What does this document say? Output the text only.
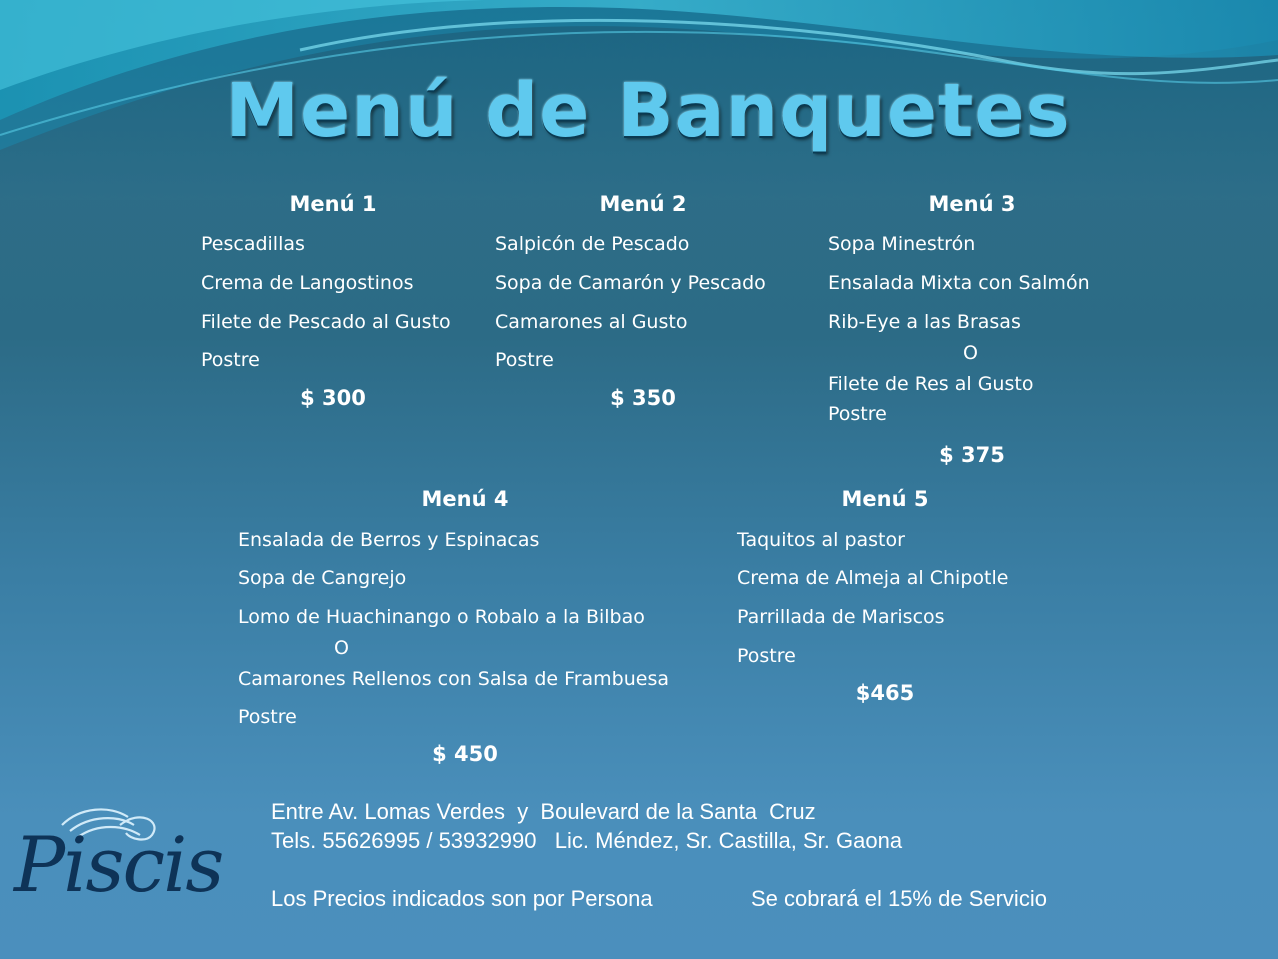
Menú de Banquetes
Menú 1
Pescadillas
Crema de Langostinos
Filete de Pescado al Gusto
Postre
$ 300
Menú 2
Salpicón de Pescado
Sopa de Camarón y Pescado
Camarones al Gusto
Postre
$ 350
Menú 3
Sopa Minestrón
Ensalada Mixta con Salmón
Rib-Eye a las Brasas
O
Filete de Res al Gusto
Postre
$ 375
Menú 4
Ensalada de Berros y Espinacas
Sopa de Cangrejo
Lomo de Huachinango o Robalo a la Bilbao
O
Camarones Rellenos con Salsa de Frambuesa
Postre
$ 450
Menú 5
Taquitos al pastor
Crema de Almeja al Chipotle
Parrillada de Mariscos
Postre
$465
Entre Av. Lomas Verdes  y  Boulevard de la Santa  Cruz
Tels. 55626995 / 53932990   Lic. Méndez, Sr. Castilla, Sr. Gaona
Los Precios indicados son por Persona	Se cobrará el 15% de Servicio
Piscis
